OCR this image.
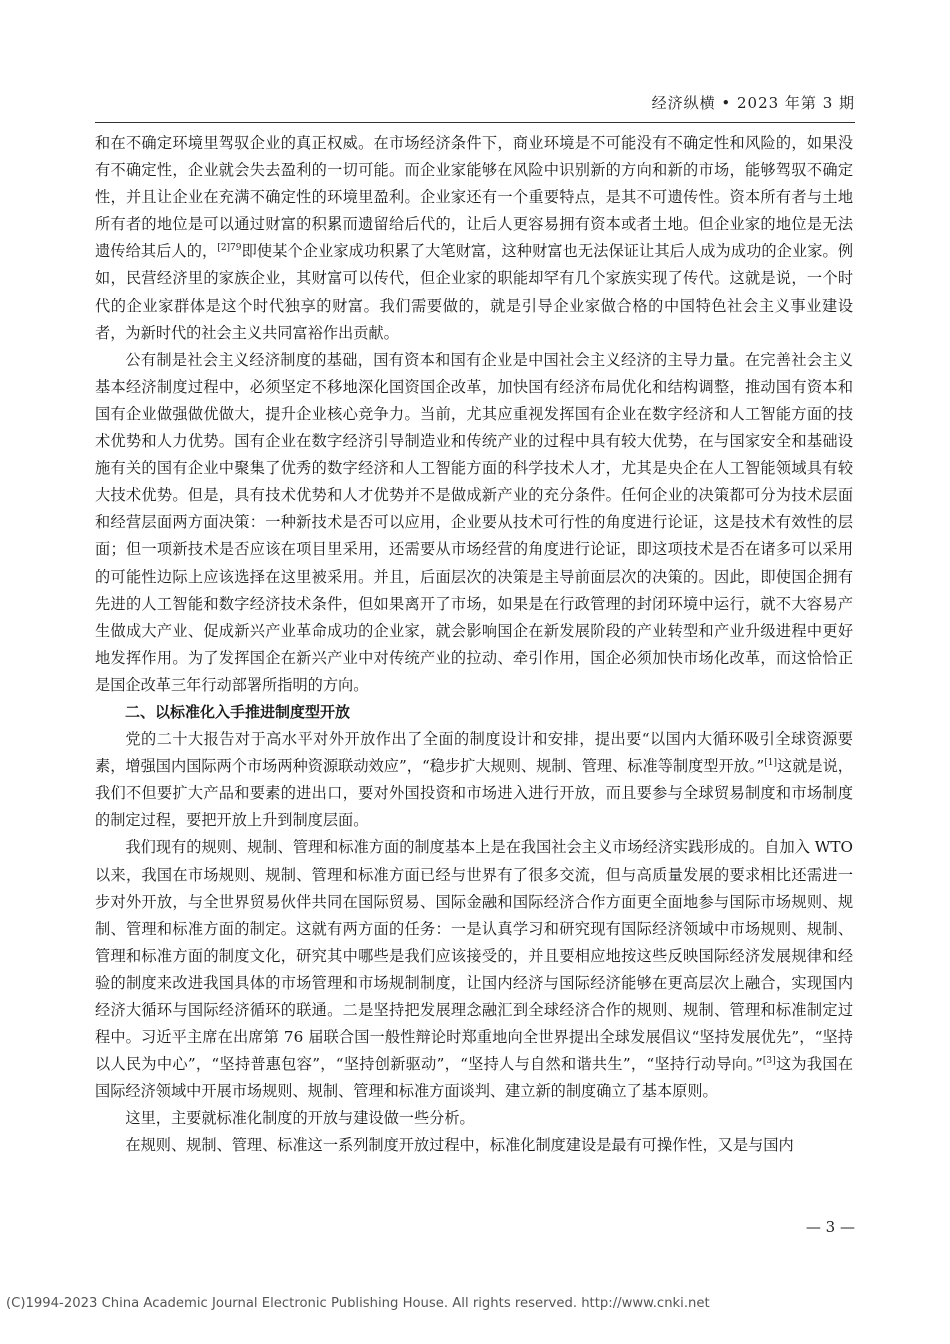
经济纵横 • 2023 年第 3 期

和在不确定环境里驾驭企业的真正权威。在市场经济条件下，商业环境是不可能没有不确定性和风险的，如果没有不确定性，企业就会失去盈利的一切可能。而企业家能够在风险中识别新的方向和新的市场，能够驾驭不确定性，并且让企业在充满不确定性的环境里盈利。企业家还有一个重要特点，是其不可遗传性。资本所有者与土地所有者的地位是可以通过财富的积累而遗留给后代的，让后人更容易拥有资本或者土地。但企业家的地位是无法遗传给其后人的，$^{[2]79}$即使某个企业家成功积累了大笔财富，这种财富也无法保证让其后人成为成功的企业家。例如，民营经济里的家族企业，其财富可以传代，但企业家的职能却罕有几个家族实现了传代。这就是说，一个时代的企业家群体是这个时代独享的财富。我们需要做的，就是引导企业家做合格的中国特色社会主义事业建设者，为新时代的社会主义共同富裕作出贡献。

公有制是社会主义经济制度的基础，国有资本和国有企业是中国社会主义经济的主导力量。在完善社会主义基本经济制度过程中，必须坚定不移地深化国资国企改革，加快国有经济布局优化和结构调整，推动国有资本和国有企业做强做优做大，提升企业核心竞争力。当前，尤其应重视发挥国有企业在数字经济和人工智能方面的技术优势和人力优势。国有企业在数字经济引导制造业和传统产业的过程中具有较大优势，在与国家安全和基础设施有关的国有企业中聚集了优秀的数字经济和人工智能方面的科学技术人才，尤其是央企在人工智能领域具有较大技术优势。但是，具有技术优势和人才优势并不是做成新产业的充分条件。任何企业的决策都可分为技术层面和经营层面两方面决策：一种新技术是否可以应用，企业要从技术可行性的角度进行论证，这是技术有效性的层面；但一项新技术是否应该在项目里采用，还需要从市场经营的角度进行论证，即这项技术是否在诸多可以采用的可能性边际上应该选择在这里被采用。并且，后面层次的决策是主导前面层次的决策的。因此，即使国企拥有先进的人工智能和数字经济技术条件，但如果离开了市场，如果是在行政管理的封闭环境中运行，就不大容易产生做成大产业、促成新兴产业革命成功的企业家，就会影响国企在新发展阶段的产业转型和产业升级进程中更好地发挥作用。为了发挥国企在新兴产业中对传统产业的拉动、牵引作用，国企必须加快市场化改革，而这恰恰正是国企改革三年行动部署所指明的方向。

二、以标准化入手推进制度型开放

党的二十大报告对于高水平对外开放作出了全面的制度设计和安排，提出要“以国内大循环吸引全球资源要素，增强国内国际两个市场两种资源联动效应”，“稳步扩大规则、规制、管理、标准等制度型开放。”[1]这就是说，我们不但要扩大产品和要素的进出口，要对外国投资和市场进入进行开放，而且要参与全球贸易制度和市场制度的制定过程，要把开放上升到制度层面。

我们现有的规则、规制、管理和标准方面的制度基本上是在我国社会主义市场经济实践形成的。自加入 WTO 以来，我国在市场规则、规制、管理和标准方面已经与世界有了很多交流，但与高质量发展的要求相比还需进一步对外开放，与全世界贸易伙伴共同在国际贸易、国际金融和国际经济合作方面更全面地参与国际市场规则、规制、管理和标准方面的制定。这就有两方面的任务：一是认真学习和研究现有国际经济领域中市场规则、规制、管理和标准方面的制度文化，研究其中哪些是我们应该接受的，并且要相应地按这些反映国际经济发展规律和经验的制度来改进我国具体的市场管理和市场规制制度，让国内经济与国际经济能够在更高层次上融合，实现国内经济大循环与国际经济循环的联通。二是坚持把发展理念融汇到全球经济合作的规则、规制、管理和标准制定过程中。习近平主席在出席第 76 届联合国一般性辩论时郑重地向全世界提出全球发展倡议“坚持发展优先”，“坚持以人民为中心”，“坚持普惠包容”，“坚持创新驱动”，“坚持人与自然和谐共生”，“坚持行动导向。”[3]这为我国在国际经济领域中开展市场规则、规制、管理和标准方面谈判、建立新的制度确立了基本原则。

这里，主要就标准化制度的开放与建设做一些分析。

在规则、规制、管理、标准这一系列制度开放过程中，标准化制度建设是最有可操作性，又是与国内

— 3 —
(C)1994-2023 China Academic Journal Electronic Publishing House. All rights reserved. http://www.cnki.net
